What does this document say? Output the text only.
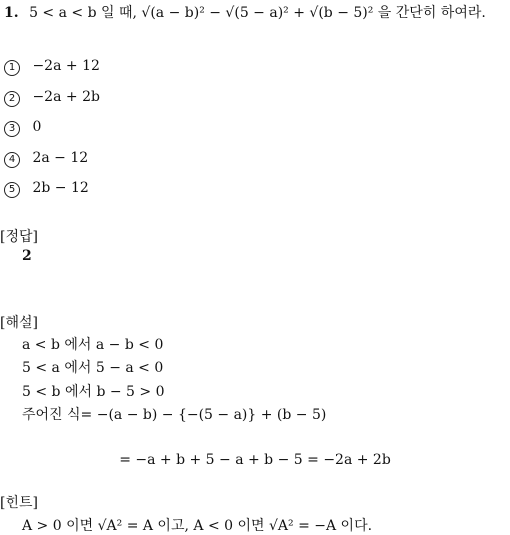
1. 5 < a < b 일 때, √(a − b)² − √(5 − a)² + √(b − 5)² 을 간단히 하여라.
1 −2a + 12
2 −2a + 2b
3 0
4 2a − 12
5 2b − 12
[정답]
2
[해설]
a < b 에서 a − b < 0
5 < a 에서 5 − a < 0
5 < b 에서 b − 5 > 0
주어진 식= −(a − b) − {−(5 − a)} + (b − 5)
= −a + b + 5 − a + b − 5 = −2a + 2b
[힌트]
A > 0 이면 √A² = A 이고, A < 0 이면 √A² = −A 이다.
